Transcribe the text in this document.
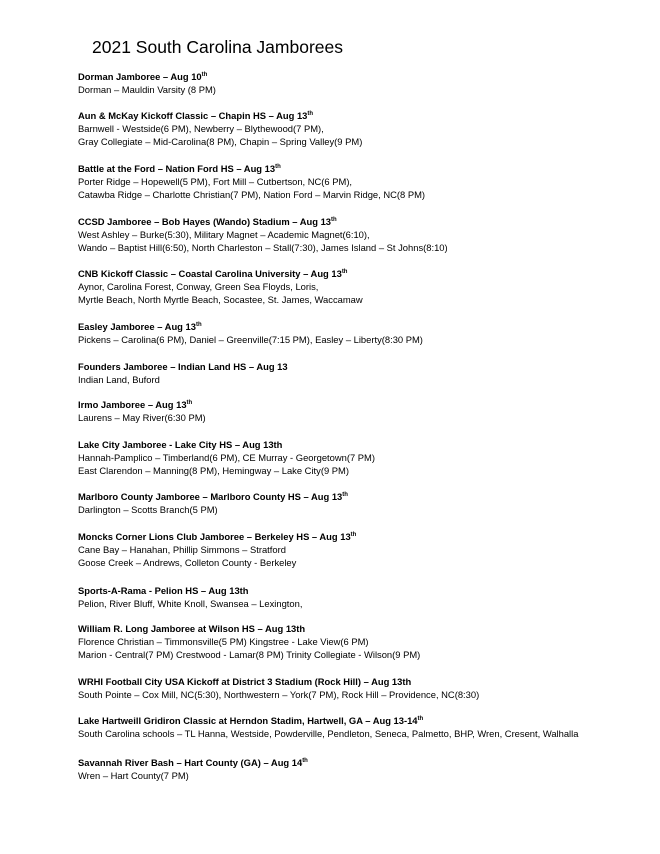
2021 South Carolina Jamborees
Dorman Jamboree – Aug 10th
Dorman – Mauldin Varsity (8 PM)
Aun & McKay Kickoff Classic – Chapin HS – Aug 13th
Barnwell - Westside(6 PM), Newberry – Blythewood(7 PM),
Gray Collegiate – Mid-Carolina(8 PM), Chapin – Spring Valley(9 PM)
Battle at the Ford – Nation Ford HS – Aug 13th
Porter Ridge – Hopewell(5 PM), Fort Mill – Cutbertson, NC(6 PM),
Catawba Ridge – Charlotte Christian(7 PM), Nation Ford – Marvin Ridge, NC(8 PM)
CCSD Jamboree – Bob Hayes (Wando) Stadium – Aug 13th
West Ashley – Burke(5:30), Military Magnet – Academic Magnet(6:10),
Wando – Baptist Hill(6:50), North Charleston – Stall(7:30), James Island – St Johns(8:10)
CNB Kickoff Classic – Coastal Carolina University – Aug 13th
Aynor, Carolina Forest, Conway, Green Sea Floyds, Loris,
Myrtle Beach, North Myrtle Beach, Socastee, St. James, Waccamaw
Easley Jamboree – Aug 13th
Pickens – Carolina(6 PM), Daniel – Greenville(7:15 PM), Easley – Liberty(8:30 PM)
Founders Jamboree – Indian Land HS – Aug 13
Indian Land, Buford
Irmo Jamboree – Aug 13th
Laurens – May River(6:30 PM)
Lake City Jamboree - Lake City HS – Aug 13th
Hannah-Pamplico – Timberland(6 PM), CE Murray - Georgetown(7 PM)
East Clarendon – Manning(8 PM), Hemingway – Lake City(9 PM)
Marlboro County Jamboree – Marlboro County HS – Aug 13th
Darlington – Scotts Branch(5 PM)
Moncks Corner Lions Club Jamboree – Berkeley HS – Aug 13th
Cane Bay – Hanahan, Phillip Simmons – Stratford
Goose Creek – Andrews, Colleton County - Berkeley
Sports-A-Rama - Pelion HS – Aug 13th
Pelion, River Bluff, White Knoll, Swansea – Lexington,
William R. Long Jamboree at Wilson HS – Aug 13th
Florence Christian – Timmonsville(5 PM) Kingstree - Lake View(6 PM)
Marion - Central(7 PM) Crestwood - Lamar(8 PM) Trinity Collegiate - Wilson(9 PM)
WRHI Football City USA Kickoff at District 3 Stadium (Rock Hill) – Aug 13th
South Pointe – Cox Mill, NC(5:30), Northwestern – York(7 PM), Rock Hill – Providence, NC(8:30)
Lake Hartweill Gridiron Classic at Herndon Stadim, Hartwell, GA – Aug 13-14th
South Carolina schools – TL Hanna, Westside, Powderville, Pendleton, Seneca, Palmetto, BHP, Wren, Cresent, Walhalla
Savannah River Bash – Hart County (GA) – Aug 14th
Wren – Hart County(7 PM)
